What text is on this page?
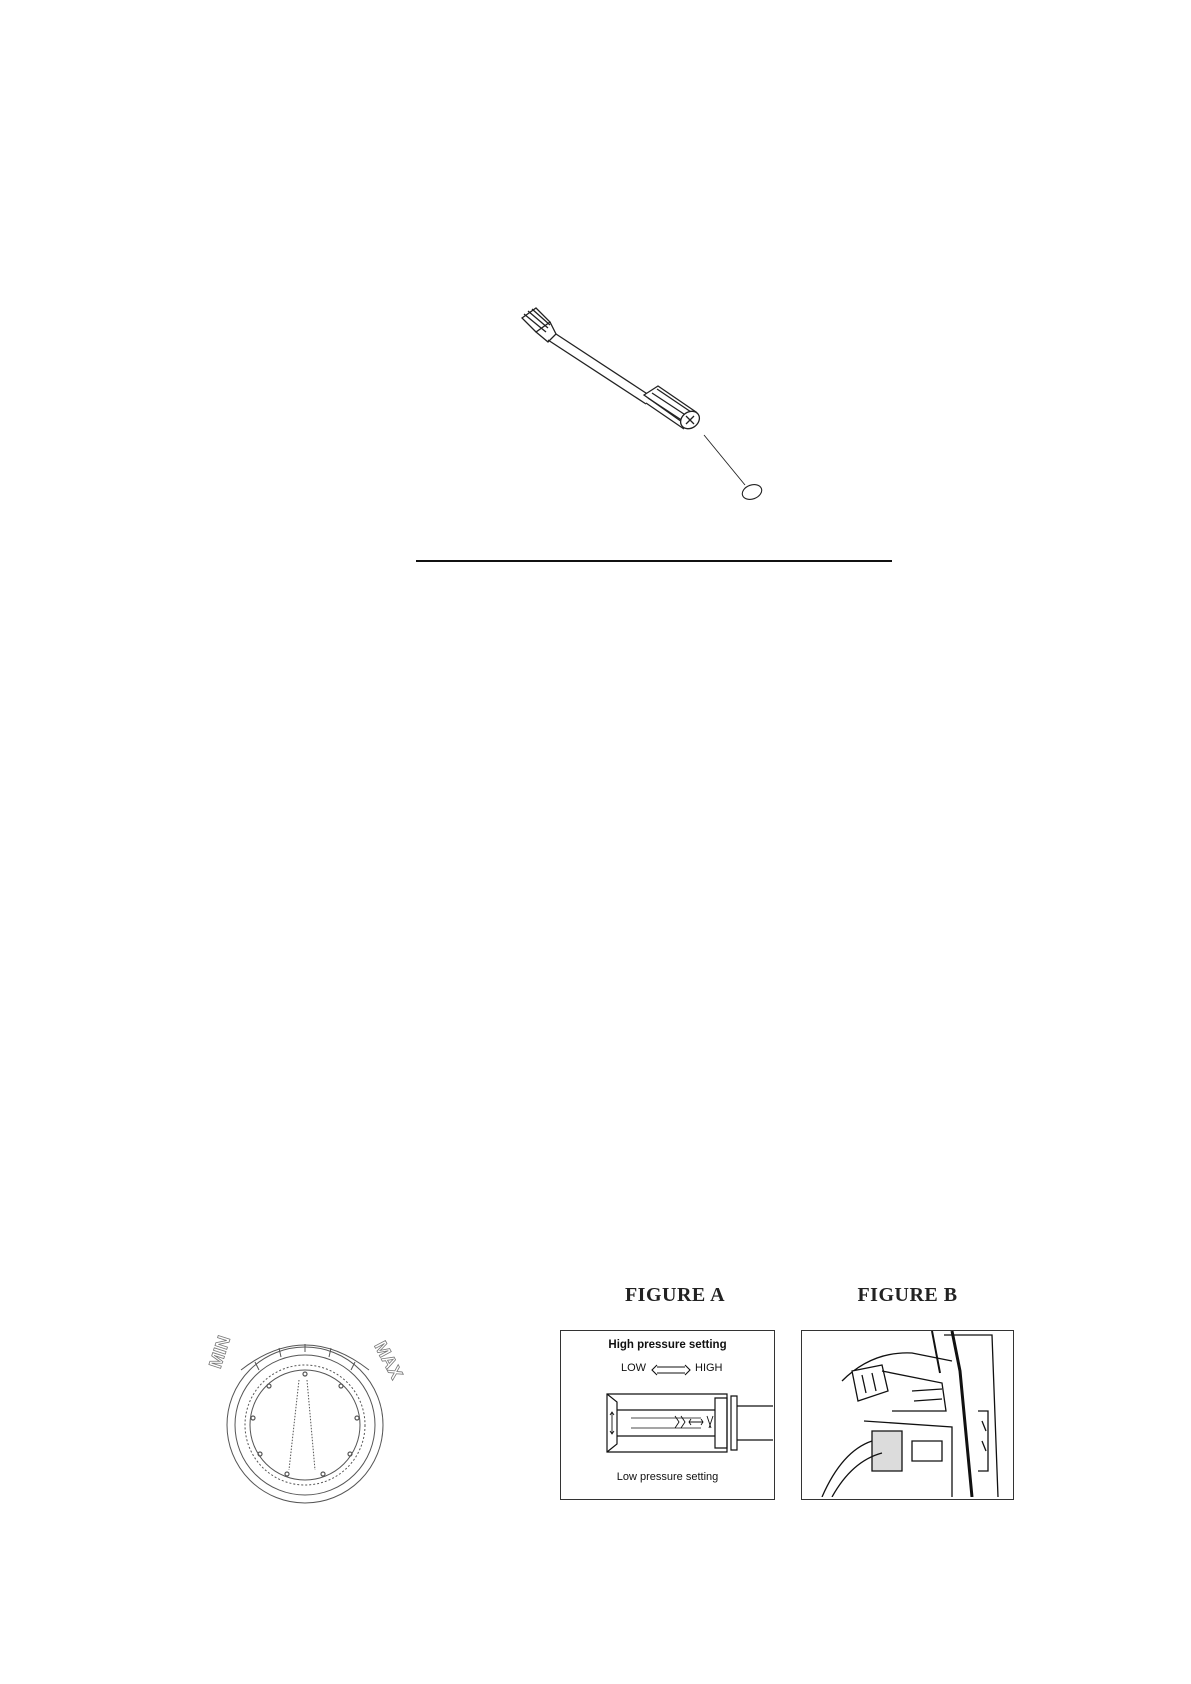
MIN	MAX
FIGURE A
High pressure setting
LOW	HIGH
Low pressure setting
FIGURE B
